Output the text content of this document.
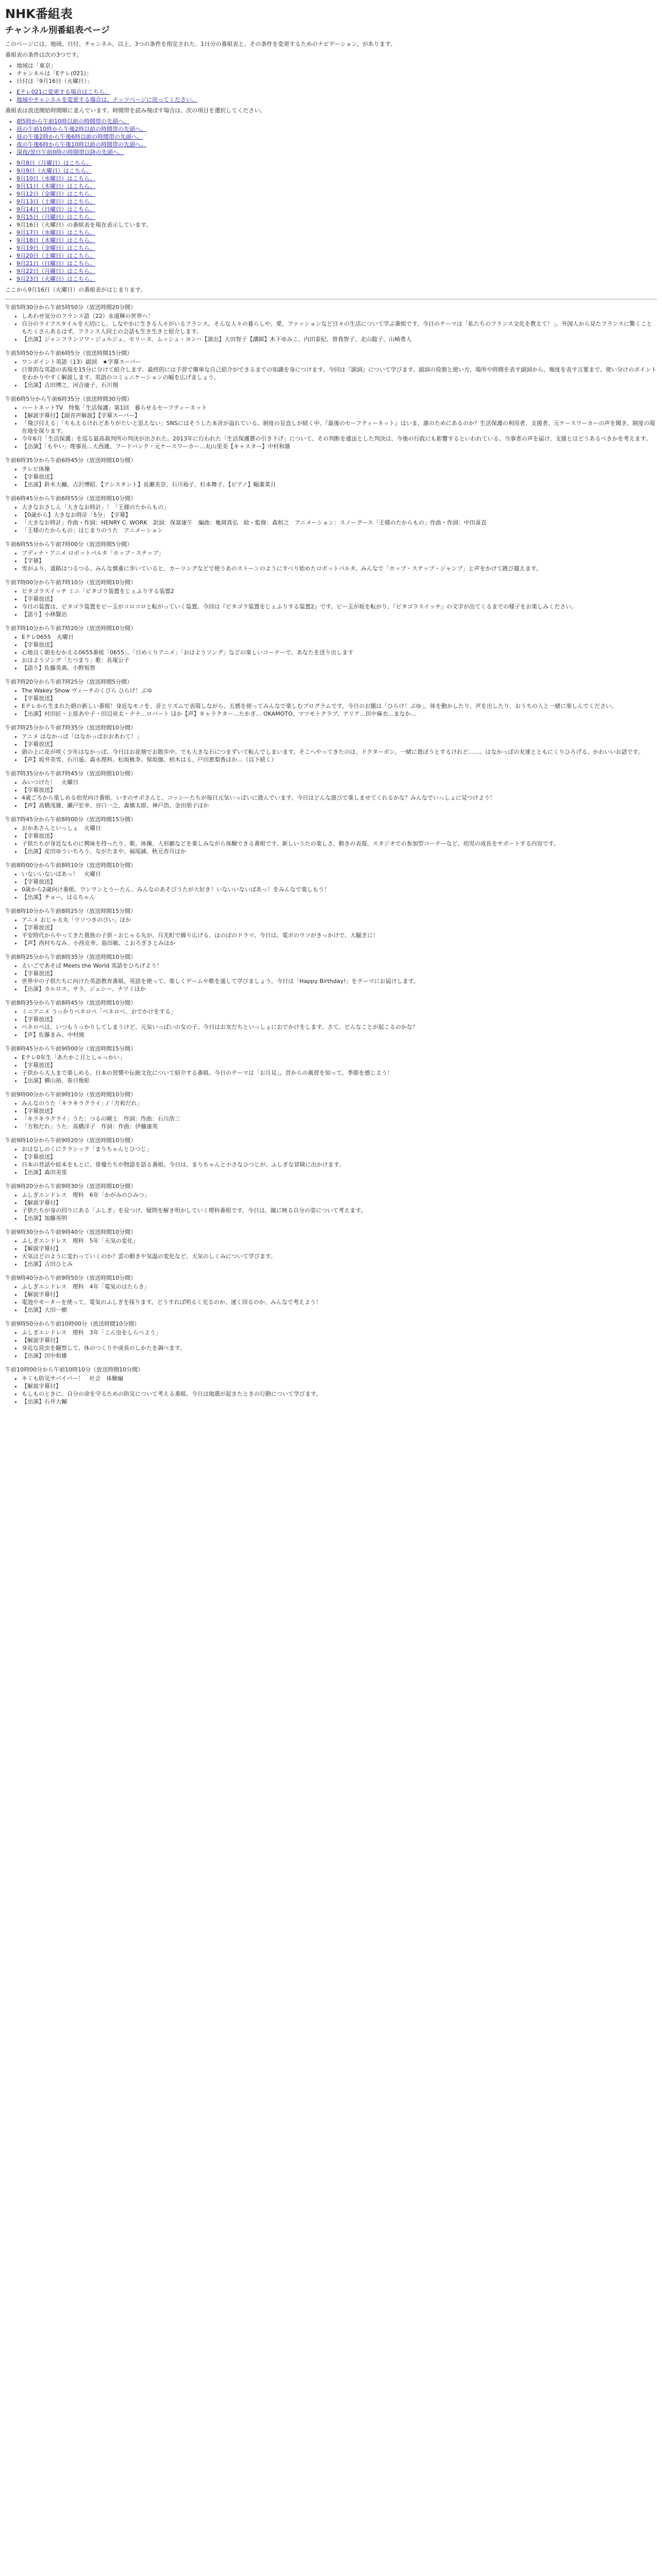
NHK番組表
チャンネル別番組表ページ

このページには、地域、日付、チャンネル、以上、3つの条件を指定された、1日分の番組表と、その条件を変更するためのナビゲーション、があります。

番組表の条件は次の3つです。

• 地域は「東京」
• チャンネルは「Eテレ(021)」
• 日付は「9月16日（火曜日）」
• Eテレ021に変更する場合はこちら。
• 地域やチャンネルを変更する場合は、ナッツページに戻ってください。

番組表は放送開始時間順に並んでいます。時間帯を読み飛ばす場合は、次の項目を選択してください。

• 朝5時から午前10時以前の時間帯の先頭へ。
• 昼の午前10時から午後2時以前の時間帯の先頭へ。
• 昼の午後2時から午後6時以前の時間帯の先頭へ。
• 夜の午後6時から午後10時以前の時間帯の先頭へ。
• 深夜/翌日午前0時の時間帯以降の先頭へ。
• 9月8日（月曜日）はこちら。
• 9月9日（火曜日）はこちら。
• 9月10日（水曜日）はこちら。
• 9月11日（木曜日）はこちら。
• 9月12日（金曜日）はこちら。
• 9月13日（土曜日）はこちら。
• 9月14日（日曜日）はこちら。
• 9月15日（月曜日）はこちら。
• 9月16日（火曜日）の番組表を現在表示しています。
• 9月17日（水曜日）はこちら。
• 9月18日（木曜日）はこちら。
• 9月19日（金曜日）はこちら。
• 9月20日（土曜日）はこちら。
• 9月21日（日曜日）はこちら。
• 9月22日（月曜日）はこちら。
• 9月23日（火曜日）はこちら。

ここから9月16日（火曜日）の番組表がはじまります。

午前5時30分から午前5時50分（放送時間20分間）
• しあわせ気分のフランス語（22）永遠輝の世界へ！
• 自分のライフスタイルを大切にし、しなやかに生きる人々がいるフランス。そんな人々の暮らしや、愛、ファッションなど日々の生活について学ぶ番組です。今日のテーマは「私たちのフランス文化を教えて！」。外国人から見たフランスに驚くこともたくさんあるはず。フランス人同士の会話も生き生きと紹介します。
• 【出演】ジャンフランソワ・ジュルジェ、セリーヌ、ムッシュ・ヨンハ【演出】大田智子【講師】木下ゆみこ、内田泰紀、曽我智子、北山聡子、山崎勇人
午前5時50分から午前6時5分（放送時間15分間）
• ワンポイント英語（13）副詞　★字幕スーパー
• 日常的な英語の表現を15分に分けて紹介します。最終的には予習で簡単な自己紹介ができるまでの知識を身につけます。今回は『副詞』について学びます。副詞の役割と使い方、場所や時間を表す副詞から、頻度を表す言葉まで、使い分けのポイントをわかりやすく解説します。英語のコミュニケーションの幅を広げましょう。
• 【出演】吉田博之、河合康子、石川翔
午前6時5分から午前6時35分（放送時間30分間）
• ハートネットTV　特集「生活保護」第1回　暮らせるセーフティーネット
• 【解説字幕付】【副音声解説】【字幕スーパー】
• 「飛び付える」「ちもえるけれどありがたいと思えない」SNSにはそうした本音が溢れている。制度の見直しが続く中、『最後のセーフティーネット』はいま、誰のためにあるのか？生活保護の利用者、支援者、元ケースワーカーの声を聞き、制度の現在地を探ります。
• 今年6月「生活保護」を巡る最高裁判所の判決が出された。2013年に行われた「生活保護費の引き下げ」について、その判断を違法とした判決は、今後の行政にも影響するといわれている。当事者の声を届け、支援とはどうあるべきかを考えます。
• 【出演】「もやい」理事長…大西連、フードバンク・元ケースワーカー…丸山里美【キャスター】中村和雄
午前6時35分から午前6時45分（放送時間10分間）
• テレビ体操
• 【字幕放送】
• 【出演】鈴木大輔、吉沢博昭、【アシスタント】長瀬美奈、石川裕子、杉本舞子、【ピアノ】幅薬菜月
午前6時45分から午前6時55分（放送時間10分間）
• 大きなおさしん「大きなお時計」！「王様のたからもの」
• 【0歳から】大きなお時計「5分」　【字幕】
• 「大きなお時計」作曲・作詞：HENRY C. WORK　訳詞：保富康午　編曲：亀岡真弘　絵・監修：森和之　アニメーション：スノーグース「王様のたからもの」作曲・作詞：中田喜直
• 「王様のたからもの」はじまりのうた　アニメーション
午前6時55分から午前7時00分（放送時間5分間）
• ブディナ・アニメ ロボットパルタ「ホップ・ステップ」
• 【字幕】
• 雪がふり、道路はつるつる。みんな慎重に歩いていると、カーリングなどで使うあのストーンのようにすべり始めたロボットパルタ。みんなで「ホップ・ステップ・ジャンプ」と声をかけて跳び越えます。
午前7時00分から午前7時10分（放送時間10分間）
• ピタゴラスイッチ ミニ「ピタゴラ装置をじぇふりする装置2
• 【字幕放送】
• 今日の装置は、ピタゴラ装置をビー玉がコロコロと転がっていく装置。今回は『ピタゴラ装置をじぇふりする装置2』です。ビー玉が坂を転がり、『ピタゴラスイッチ』の文字が出てくるまでの様子をお楽しみください。
• 【語り】小林賢治
午前7時10分から午前7時20分（放送時間10分間）
• Eテレ0655　火曜日
• 【字幕放送】
• 心地良く朝をむかえる0655番組「0655」。「日めくりアニメ」「おはようソング」などの楽しいコーナーで、あなたを送り出します
• おはようソング「たつまり」歌：長塚公子
• 【語り】佐藤英典、小野坂智
午前7時20分から午前7時25分（放送時間5分間）
• The Wakey Show ヴィーチのくびら ひらけ！ぷゆ
• 【字幕放送】
• Eテレから生まれた朝の新しい番組！身近なモノを、音とリズムで表現しながら、五感を使ってみんなで楽しむプログラムです。今日のお題は「ひらけ！ぷゆ」。体を動かしたり、声を出したり、おうちの人と一緒に楽しんでください。
• 【出演】村田匠・上原あや子・田辺亮太・ナナ…ロバート ほか【声】キャラクター…たかぎ… OKAMOTO、マツモトクラブ、アリア…田中麻衣…まなか…
午前7時25分から午前7時35分（放送時間10分間）
• アニメ はなかっぱ「はなかっぱおおあわて！」
• 【字幕放送】
• 頭の上に花が咲く少年はなかっぱ。今日はお花畑でお散歩中。でも大きな石につまずいて転んでしまいます。そこへやってきたのは、ドクターボン。一緒に遊ぼうとするけれど……。はなかっぱの友達とともにくりひろげる、かわいいお話です。
• 【声】坂井美雪、石川遥、森永理科、松坂桃李、保坂伽、柏木はる、戸田恵梨香ほか…（以下続く）
午前7時35分から午前7時45分（放送時間10分間）
• みいつけた！　火曜日
• 【字幕放送】
• 4歳ごろから楽しめる幼児向け番組。いすのサボさんと、コッシーたちが毎日元気いっぱいに遊んでいます。今日はどんな遊びで楽しませてくれるかな？みんなでいっしょに見つけよう！
• 【声】高橋茂雄、瀬戸宏幸、谷口一之、森慎太郎、神戸浩、金田朋子ほか
午前7時45分から午前8時00分（放送時間15分間）
• おかあさんといっしょ　火曜日
• 【字幕放送】
• 子供たちが身近なものに興味を持ったり、歌、体操、人形劇などを楽しみながら体験できる番組です。新しいうたの楽しさ、動きの表現、スタジオでの参加型コーナーなど、幼児の成長をサポートする内容です。
• 【出演】花田ゆういちろう、ながたまや、福尾誠、秋元杏月ほか
午前8時00分から午前8時10分（放送時間10分間）
• いないいないばあっ！　火曜日
• 【字幕放送】
• 0歳から2歳向け番組。ワンワンとうーたん、みんなのあそびうたが大好き！いないいないばあっ！をみんなで楽しもう！
• 【出演】チョー、はるちゃん
午前8時10分から午前8時25分（放送時間15分間）
• アニメ おじゃる丸「ウソつきのぴい」ほか
• 【字幕放送】
• 平安時代からやってきた貴族の子供・おじゃる丸が、月光町で繰り広げる、ほのぼのドラマ。今日は、電ボのウソがきっかけで、大騒ぎに！
• 【声】西村ちなみ、小西克幸、島田敏、こおろぎさとみほか
午前8時25分から午前8時35分（放送時間10分間）
• えいごであそぼ Meets the World 英語をひろげよう！
• 【字幕放送】
• 世界中の子供たちに向けた英語教育番組。英語を使って、楽しくゲームや歌を通して学びましょう。今日は「Happy Birthday!」をテーマにお届けします。
• 【出演】カルロス、サラ、ジェシー、ナツミほか
午前8時35分から午前8時45分（放送時間10分間）
• ミニアニメ うっかりペネロペ「ペネロペ、おでかけをする」
• 【字幕放送】
• ペネロペは、いつもうっかりしてしまうけど、元気いっぱいの女の子。今日はお友だちといっしょにおでかけをします。さて、どんなことが起こるのかな？
• 【声】佐藤まみ、中村綾
午前8時45分から午前9時00分（放送時間15分間）
• Eテレ0年生「あたかこ月としゃっかい」
• 【字幕放送】
• 子供から大人まで楽しめる、日本の習慣や伝統文化について紹介する番組。今日のテーマは「お月見」。昔からの風習を知って、季節を感じよう！
• 【出演】横山裕、春日俊彰
午前9時00分から午前9時10分（放送時間10分間）
• みんなのうた「キラキラクライ」/「方和だれ」
• 【字幕放送】
• 「キラキラクライ」うた：つるの剛士　作詞：作曲：石川浩二
• 「方和だれ」うた：高橋洋子　作詞：作曲：伊藤康英
午前9時10分から午前9時20分（放送時間10分間）
• おはなしのくにクラシック「まりちゃんとひつじ」
• 【字幕放送】
• 日本の昔話や絵本をもとに、俳優たちが物語を語る番組。今日は、まりちゃんと小さなひつじが、ふしぎな冒険に出かけます。
• 【出演】森田美里
午前9時20分から午前9時30分（放送時間10分間）
• ふしぎエンドレス　理科　6年「かがみのひみつ」
• 【解説字幕付】
• 子供たちが身の回りにある「ふしぎ」を見つけ、疑問を解き明かしていく理科番組です。今日は、鏡に映る自分の姿について考えます。
• 【出演】加藤英明
午前9時30分から午前9時40分（放送時間10分間）
• ふしぎエンドレス　理科　5年「天気の変化」
• 【解説字幕付】
• 天気はどのように変わっていくのか？雲の動きや気温の変化など、天気のしくみについて学びます。
• 【出演】吉田ひとみ
午前9時40分から午前9時50分（放送時間10分間）
• ふしぎエンドレス　理科　4年「電気のはたらき」
• 【解説字幕付】
• 電池やモーターを使って、電気のふしぎを探ります。どうすれば明るく光るのか、速く回るのか、みんなで考えよう！
• 【出演】大田一樹
午前9時50分から午前10時00分（放送時間10分間）
• ふしぎエンドレス　理科　3年「こん虫をしらべよう」
• 【解説字幕付】
• 身近な昆虫を観察して、体のつくりや成長のしかたを調べます。
• 【出演】田中和雄
午前10時00分から午前10時10分（放送時間10分間）
• キミも防災サバイバー！　社会　体験編
• 【解説字幕付】
• もしものときに、自分の命を守るための防災について考える番組。今日は地震が起きたときの行動について学びます。
• 【出演】石井大輔
